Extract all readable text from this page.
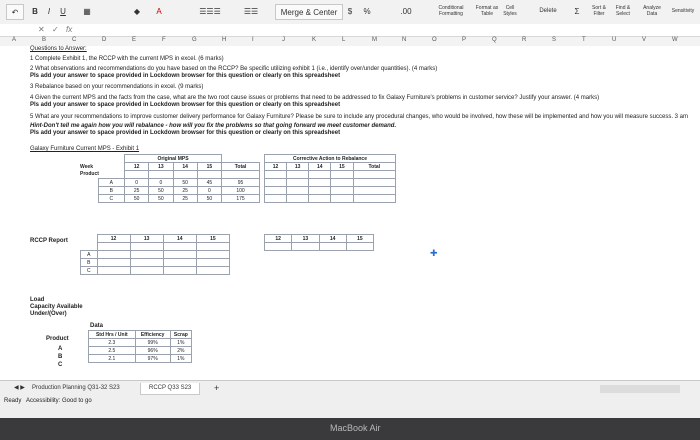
↶	B	I	U	▦	◆	A	☰☰☰	☰☰	Merge & Center	$	%	.00	Conditional Formatting
Format as Table
Cell Styles	Delete	Σ	Sort & Filter
Find & Select
Analyze Data	Sensitivity
✕ ✓ fx
A	B	C	D	E	F	G	H	I	J	K	L	M	N	O	P	Q	R	S	T	U	V	W
Questions to Answer:
1 Complete Exhibit 1, the RCCP with the current MPS in excel. (6 marks)
2 What observations and recommendations do you have based on the RCCP? Be specific utilizing exhibit 1 (i.e., identify over/under quantities). (4 marks)
Pls add your answer to space provided in Lockdown browser for this question or clearly on this spreadsheet
3 Rebalance based on your recommendations in excel. (9 marks)
4 Given the current MPS and the facts from the case, what are the two root cause issues or problems that need to be addressed to fix Galaxy Furniture's problems in customer service? Justify your answer. (4 marks)
Pls add your answer to space provided in Lockdown browser for this question or clearly on this spreadsheet
5 What are your recommendations to improve customer delivery performance for Galaxy Furniture? Please be sure to include any procedural changes, who would be involved, how these will be implemented and how you will measure success. 3 am
Hint-Don't tell me again how you will rebalance - how will you fix the problems so that going forward we meet customer demand.
Pls add your answer to space provided in Lockdown browser for this question or clearly on this spreadsheet
Galaxy Furniture Current MPS - Exhibit 1
		Original MPS				
Week		12	13	14	15	Total
Product						
	A	0	0	50	45	95
	B	25	50	25	0	100
	C	50	50	25	50	175
Corrective Action to Rebalance				
12	13	14	15	Total

RCCP Report
		12	13	14	15

A				
B				
C				
12	13	14	15

Load
Capacity Available
Under/(Over)
Data
Product
A
B
C
Std Hrs / Unit	Efficiency	Scrap
2.3	99%	1%
2.5	96%	2%
2.1	97%	1%
✚
◀ ▶	Production Planning Q31-32 S23	RCCP Q33 S23	+
Ready Accessibility: Good to go
MacBook Air
